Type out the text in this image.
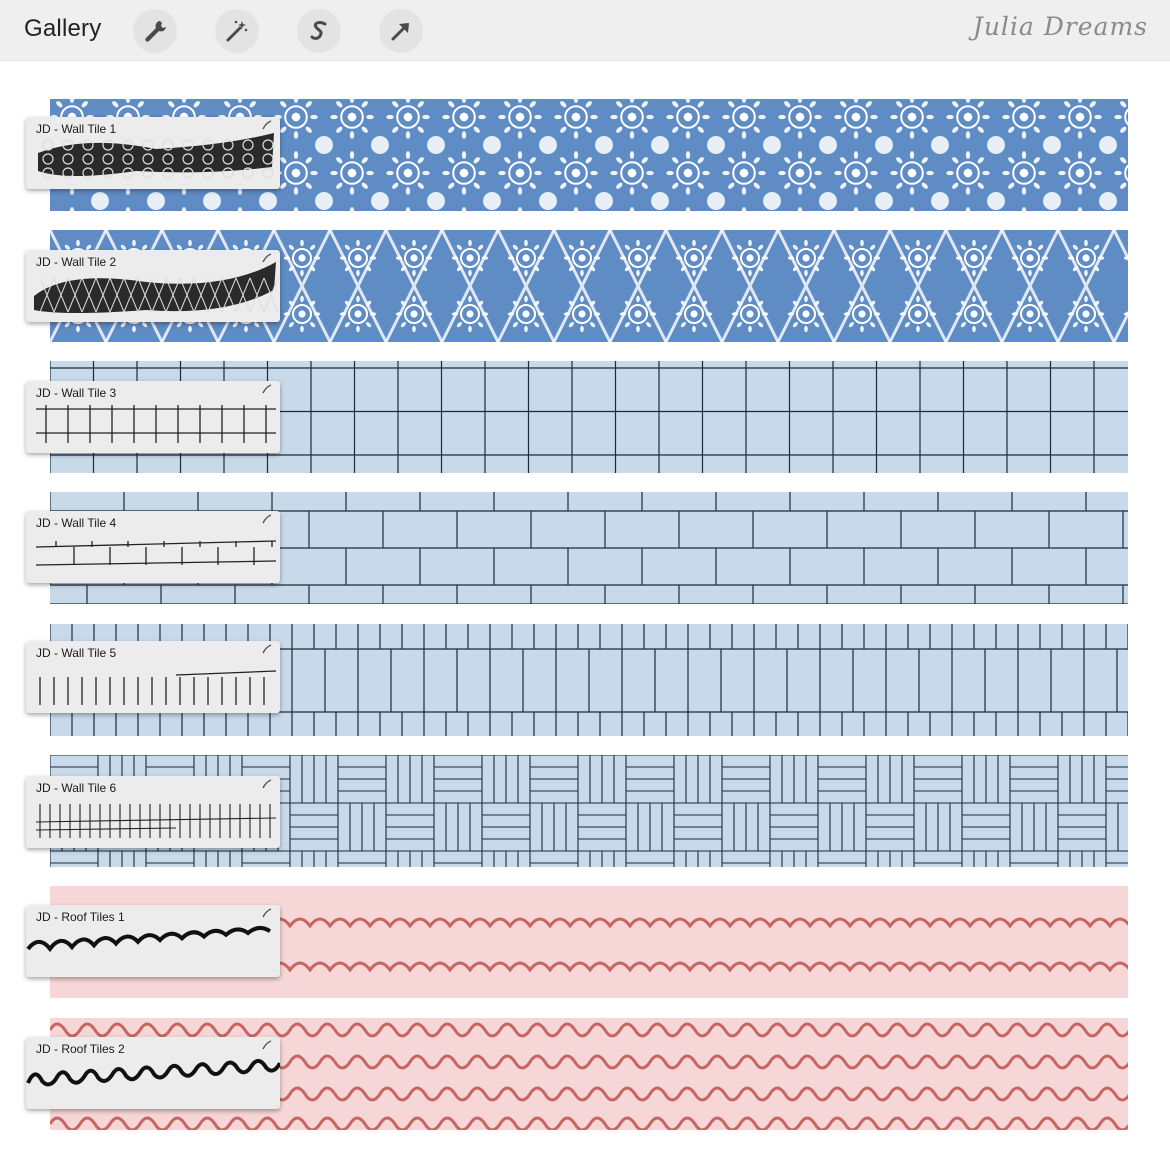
Gallery	Julia Dreams
JD - Wall Tile 1
JD - Wall Tile 2
JD - Wall Tile 3
JD - Wall Tile 4
JD - Wall Tile 5
JD - Wall Tile 6
JD - Roof Tiles 1
JD - Roof Tiles 2
